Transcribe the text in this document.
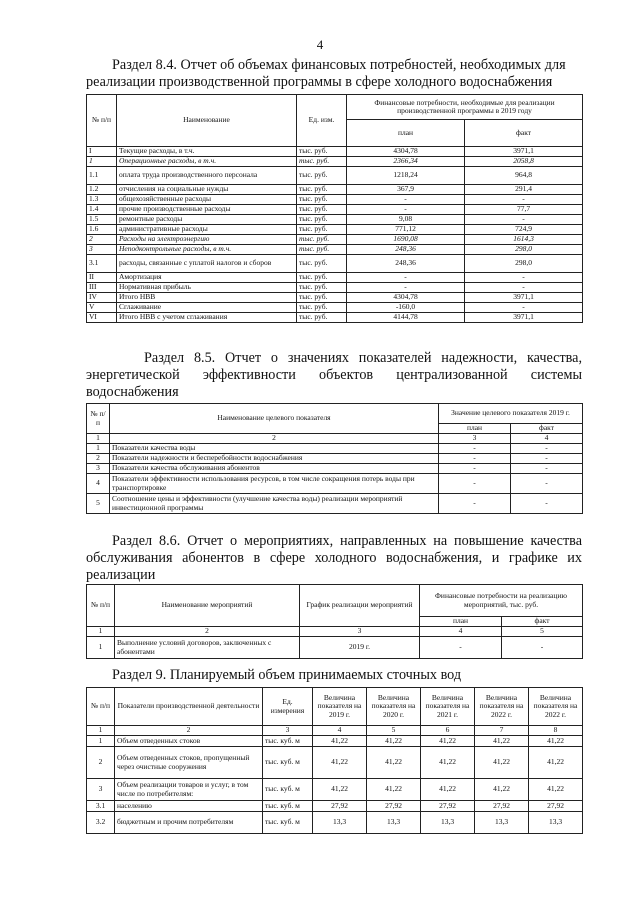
4
Раздел 8.4. Отчет об объемах финансовых потребностей, необходимых для
реализации производственной программы в сфере холодного водоснабжения
№ п/п	Наименование	Ед. изм.	Финансовые потребности, необходимые для реализации производственной программы в 2019 году	
			план	факт
I	Текущие расходы, в т.ч.	тыс. руб.	4304,78	3971,1
1	Операционные расходы, в т.ч.	тыс. руб.	2366,34	2058,8
1.1	оплата труда производственного персонала	тыс. руб.	1218,24	964,8
1.2	отчисления на социальные нужды	тыс. руб.	367,9	291,4
1.3	общехозяйственные расходы	тыс. руб.	-	-
1.4	прочие производственные расходы	тыс. руб.	-	77,7
1.5	ремонтные расходы	тыс. руб.	9,08	-
1.6	административные расходы	тыс. руб.	771,12	724,9
2	Расходы на электроэнергию	тыс. руб.	1690,08	1614,3
3	Неподконтрольные расходы, в т.ч.	тыс. руб.	248,36	298,0
3.1	расходы, связанные с уплатой налогов и сборов	тыс. руб.	248,36	298,0
II	Амортизация	тыс. руб.	-	-
III	Нормативная прибыль	тыс. руб.	-	-
IV	Итого НВВ	тыс. руб.	4304,78	3971,1
V	Сглаживание	тыс. руб.	-160,0	-
VI	Итого НВВ с учетом сглаживания	тыс. руб.	4144,78	3971,1
Раздел 8.5. Отчет о значениях показателей надежности, качества,
энергетической эффективности объектов централизованной системы
водоснабжения
№ п/п	Наименование целевого показателя	Значение целевого показателя 2019 г.	
		план	факт
1	2	3	4
1	Показатели качества воды	-	-
2	Показатели надежности и бесперебойности водоснабжения	-	-
3	Показатели качества обслуживания абонентов	-	-
4	Показатели эффективности использования ресурсов, в том числе сокращения потерь воды при транспортировке	-	-
5	Соотношение цены и эффективности (улучшение качества воды) реализации мероприятий инвестиционной программы	-	-
Раздел 8.6. Отчет о мероприятиях, направленных на повышение качества
обслуживания абонентов в сфере холодного водоснабжения, и графике их
реализации
№ п/п	Наименование мероприятий	График реализации мероприятий	Финансовые потребности на реализацию мероприятий, тыс. руб.	
			план	факт
1	2	3	4	5
1	Выполнение условий договоров, заключенных с абонентами	2019 г.	-	-
Раздел 9. Планируемый объем принимаемых сточных вод
№ п/п	Показатели производственной деятельности	Ед. измерения	Величина показателя на 2019 г.	Величина показателя на 2020 г.	Величина показателя на 2021 г.	Величина показателя на 2022 г.	Величина показателя на 2022 г.
1	2	3	4	5	6	7	8
1	Объем отведенных стоков	тыс. куб. м	41,22	41,22	41,22	41,22	41,22
2	Объем отведенных стоков, пропущенный через очистные сооружения	тыс. куб. м	41,22	41,22	41,22	41,22	41,22
3	Объем реализации товаров и услуг, в том числе по потребителям:	тыс. куб. м	41,22	41,22	41,22	41,22	41,22
3.1	населению	тыс. куб. м	27,92	27,92	27,92	27,92	27,92
3.2	бюджетным и прочим потребителям	тыс. куб. м	13,3	13,3	13,3	13,3	13,3
